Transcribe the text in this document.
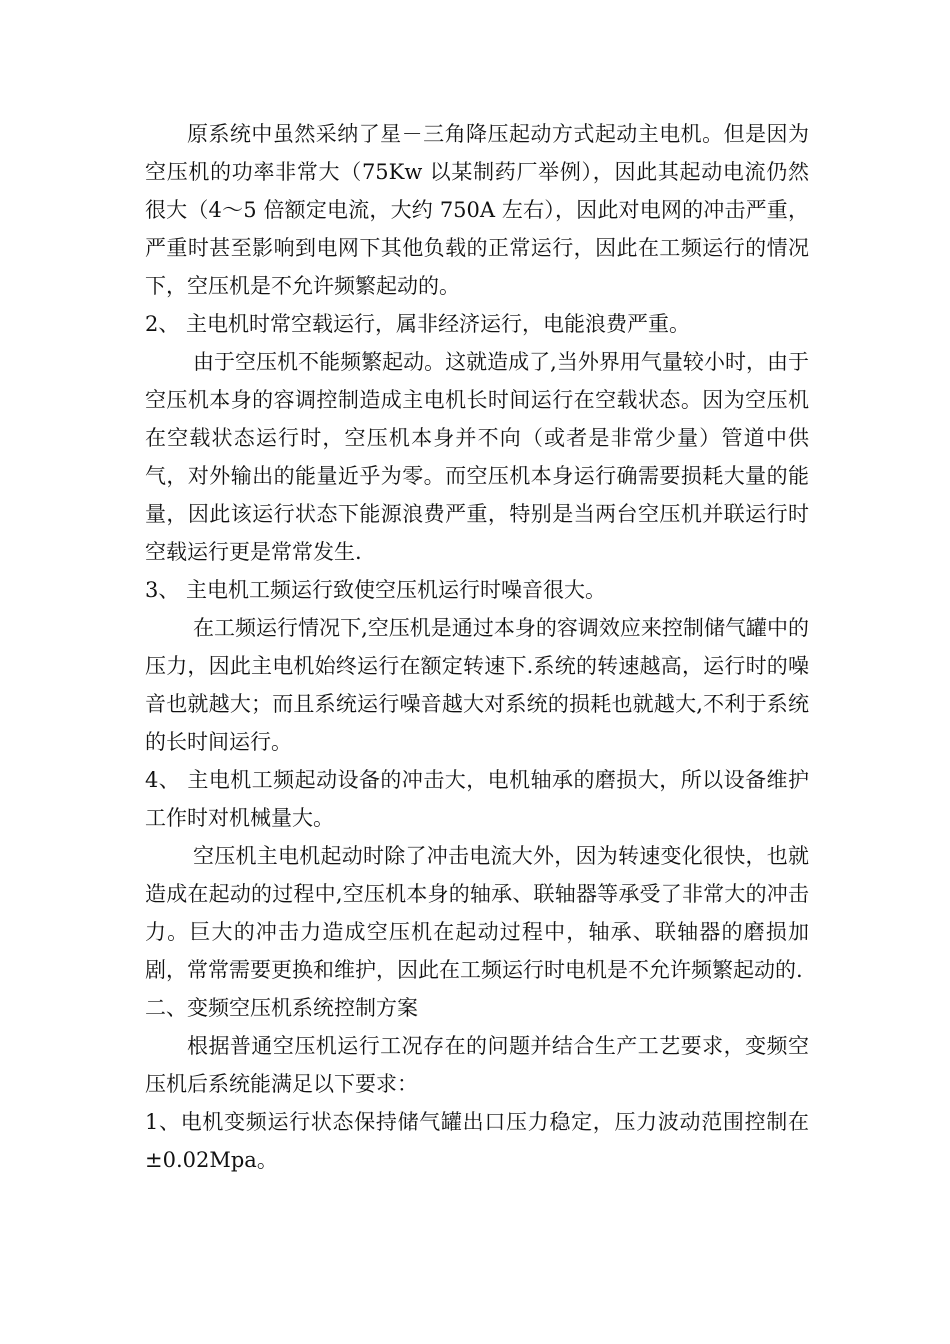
原系统中虽然采纳了星－三角降压起动方式起动主电机。但是因为空压机的功率非常大（75Kw 以某制药厂举例），因此其起动电流仍然很大（4～5 倍额定电流，大约 750A 左右），因此对电网的冲击严重，严重时甚至影响到电网下其他负载的正常运行，因此在工频运行的情况下，空压机是不允许频繁起动的。

2、 主电机时常空载运行，属非经济运行，电能浪费严重。

由于空压机不能频繁起动。这就造成了,当外界用气量较小时，由于空压机本身的容调控制造成主电机长时间运行在空载状态。因为空压机在空载状态运行时，空压机本身并不向（或者是非常少量）管道中供气，对外输出的能量近乎为零。而空压机本身运行确需要损耗大量的能量，因此该运行状态下能源浪费严重，特别是当两台空压机并联运行时空载运行更是常常发生.

3、 主电机工频运行致使空压机运行时噪音很大。

在工频运行情况下,空压机是通过本身的容调效应来控制储气罐中的压力，因此主电机始终运行在额定转速下.系统的转速越高，运行时的噪音也就越大；而且系统运行噪音越大对系统的损耗也就越大,不利于系统的长时间运行。

4、 主电机工频起动设备的冲击大，电机轴承的磨损大，所以设备维护工作时对机械量大。

空压机主电机起动时除了冲击电流大外，因为转速变化很快，也就造成在起动的过程中,空压机本身的轴承、联轴器等承受了非常大的冲击力。巨大的冲击力造成空压机在起动过程中，轴承、联轴器的磨损加剧，常常需要更换和维护，因此在工频运行时电机是不允许频繁起动的.

二、变频空压机系统控制方案

根据普通空压机运行工况存在的问题并结合生产工艺要求，变频空压机后系统能满足以下要求：

1、电机变频运行状态保持储气罐出口压力稳定，压力波动范围控制在±0.02Mpa。
